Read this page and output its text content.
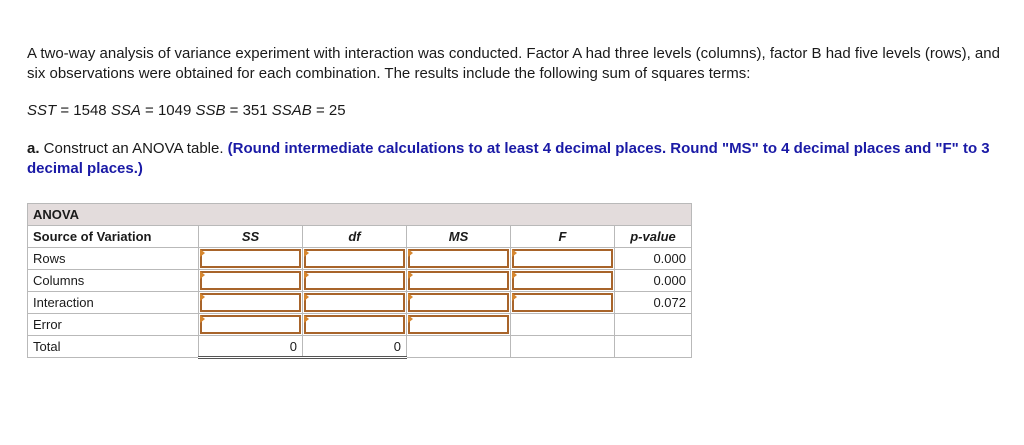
A two-way analysis of variance experiment with interaction was conducted. Factor A had three levels (columns), factor B had five levels (rows), and six observations were obtained for each combination. The results include the following sum of squares terms:

SST = 1548 SSA = 1049 SSB = 351 SSAB = 25

a. Construct an ANOVA table. (Round intermediate calculations to at least 4 decimal places. Round "MS" to 4 decimal places and "F" to 3 decimal places.)

ANOVA					
Source of Variation	SS	df	MS	F	p-value
Rows					0.000
Columns					0.000
Interaction					0.072
Error	

Total	0	0			
